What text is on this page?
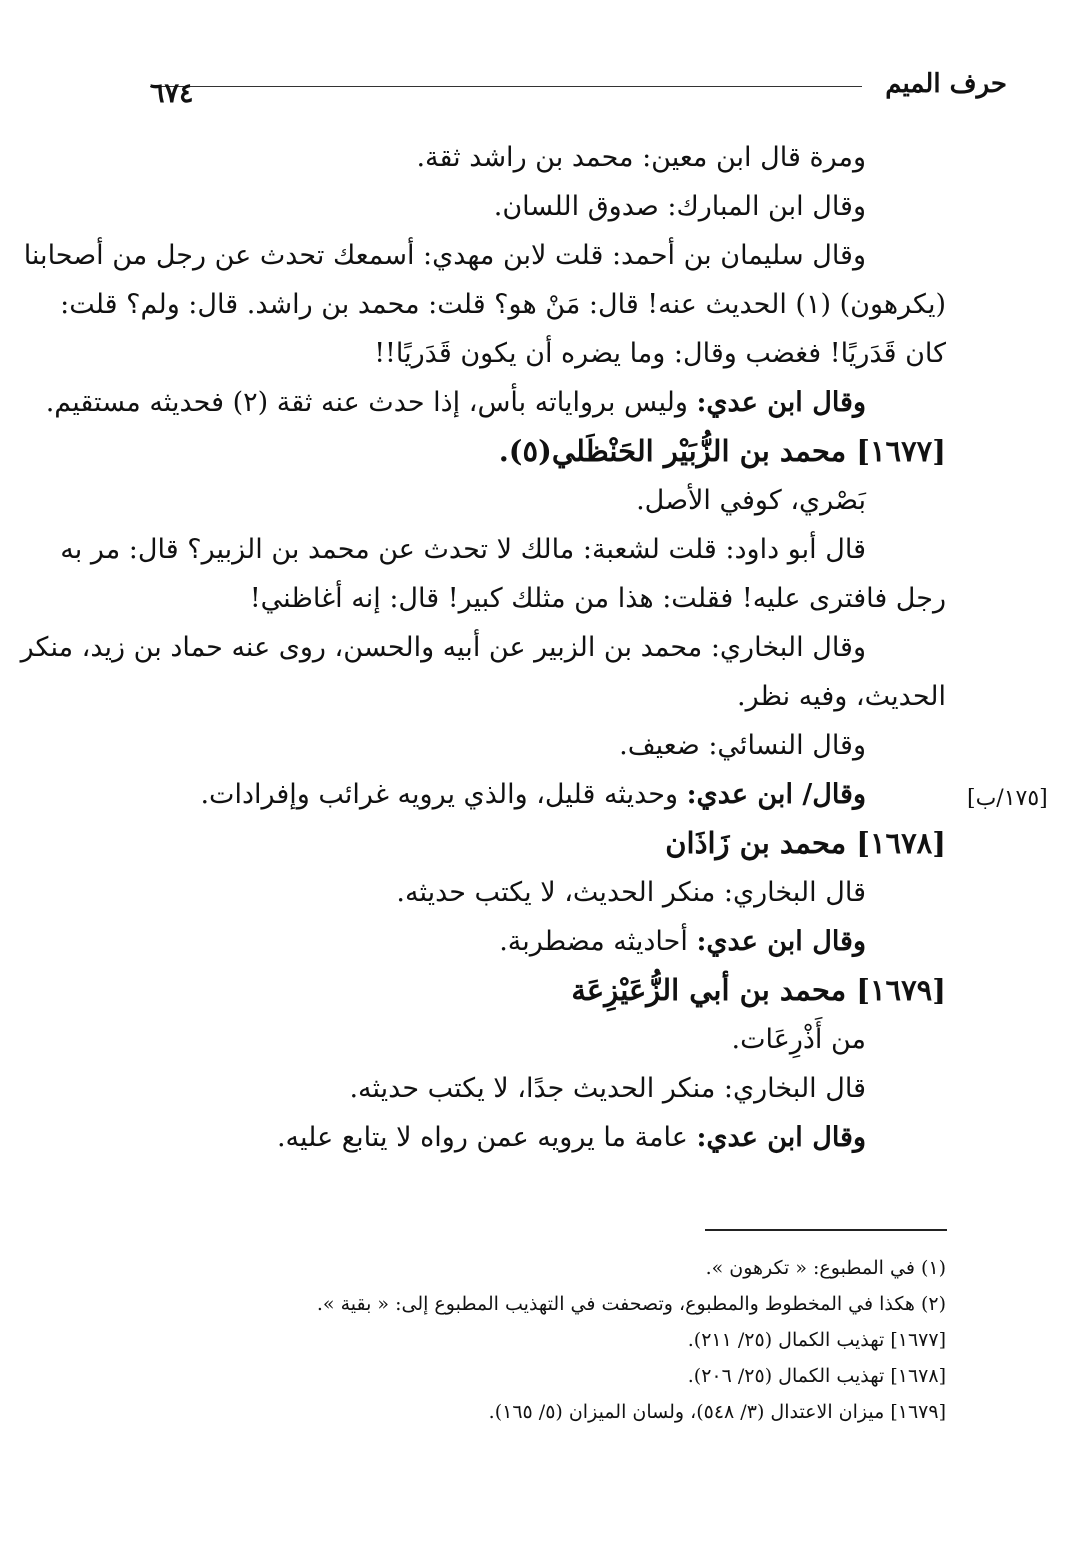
حرف الميم
٦٧٤
ومرة قال ابن معين: محمد بن راشد ثقة.
وقال ابن المبارك: صدوق اللسان.
وقال سليمان بن أحمد: قلت لابن مهدي: أسمعك تحدث عن رجل من أصحابنا
(يكرهون) (١) الحديث عنه! قال: مَنْ هو؟ قلت: محمد بن راشد. قال: ولم؟ قلت:
كان قَدَريًا! فغضب وقال: وما يضره أن يكون قَدَريًا!!
وقال ابن عدي: وليس برواياته بأس، إذا حدث عنه ثقة (٢) فحديثه مستقيم.
[١٦٧٧] محمد بن الزُّبَيْر الحَنْظَلي(٥).
بَصْري، كوفي الأصل.
قال أبو داود: قلت لشعبة: مالك لا تحدث عن محمد بن الزبير؟ قال: مر به
رجل فافترى عليه! فقلت: هذا من مثلك كبير! قال: إنه أغاظني!
وقال البخاري: محمد بن الزبير عن أبيه والحسن، روى عنه حماد بن زيد، منكر
الحديث، وفيه نظر.
وقال النسائي: ضعيف.
وقال/ ابن عدي: وحديثه قليل، والذي يرويه غرائب وإفرادات.
[١٦٧٨] محمد بن زَاذَان
قال البخاري: منكر الحديث، لا يكتب حديثه.
وقال ابن عدي: أحاديثه مضطربة.
[١٦٧٩] محمد بن أبي الزُّعَيْزِعَة
من أَذْرِعَات.
قال البخاري: منكر الحديث جدًا، لا يكتب حديثه.
وقال ابن عدي: عامة ما يرويه عمن رواه لا يتابع عليه.
[١٧٥/ب]
(١) في المطبوع: « تكرهون ».
(٢) هكذا في المخطوط والمطبوع، وتصحفت في التهذيب المطبوع إلى: « بقية ».
[١٦٧٧] تهذيب الكمال (٢٥/ ٢١١).
[١٦٧٨] تهذيب الكمال (٢٥/ ٢٠٦).
[١٦٧٩] ميزان الاعتدال (٣/ ٥٤٨)، ولسان الميزان (٥/ ١٦٥).
